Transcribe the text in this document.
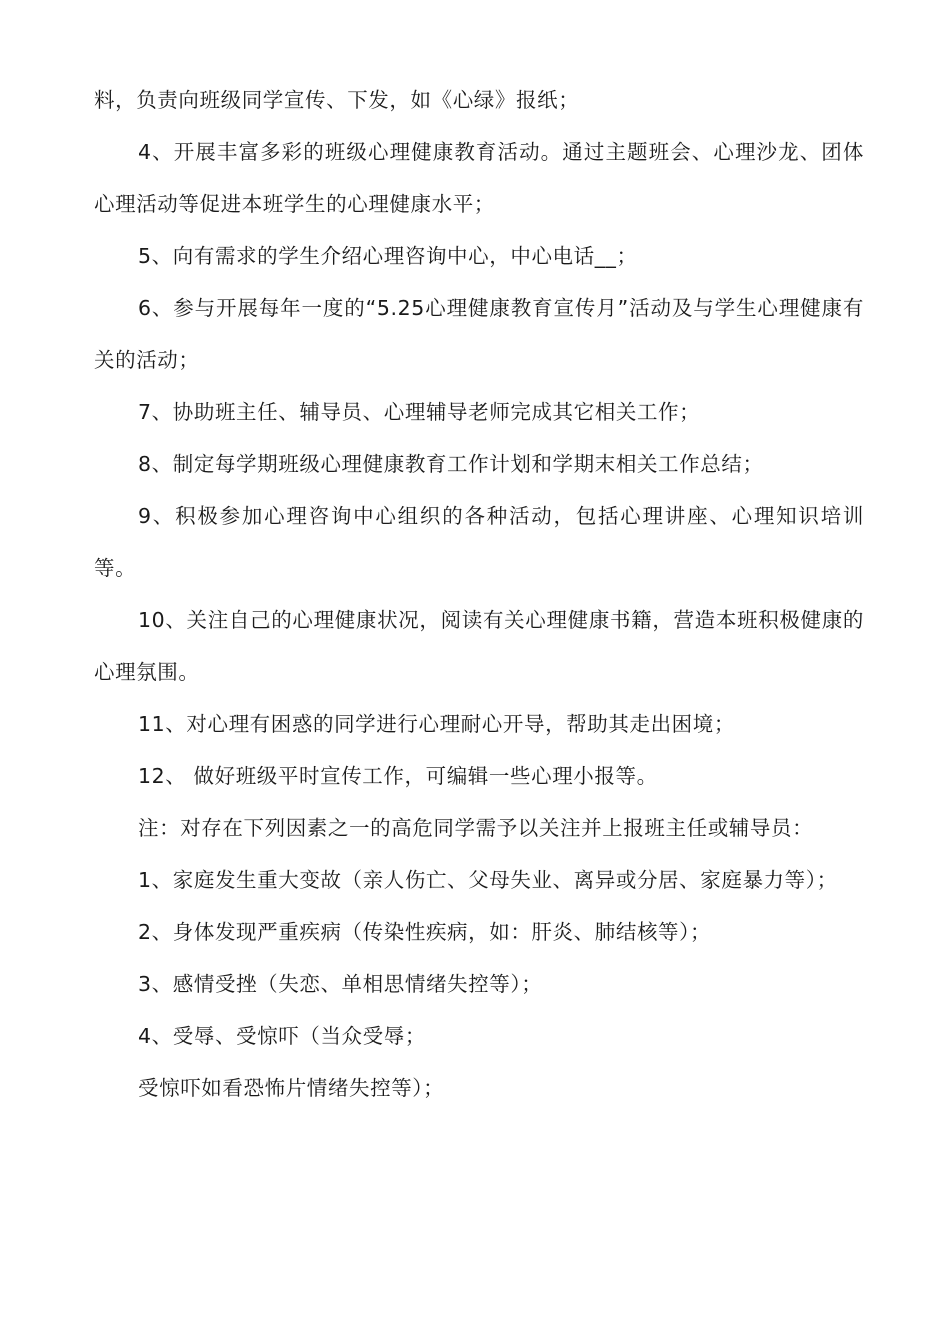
料，负责向班级同学宣传、下发，如《心绿》报纸；

4、开展丰富多彩的班级心理健康教育活动。通过主题班会、心理沙龙、团体心理活动等促进本班学生的心理健康水平；

5、向有需求的学生介绍心理咨询中心，中心电话__；

6、参与开展每年一度的“5.25心理健康教育宣传月”活动及与学生心理健康有关的活动；

7、协助班主任、辅导员、心理辅导老师完成其它相关工作；

8、制定每学期班级心理健康教育工作计划和学期末相关工作总结；

9、积极参加心理咨询中心组织的各种活动，包括心理讲座、心理知识培训等。

10、关注自己的心理健康状况，阅读有关心理健康书籍，营造本班积极健康的心理氛围。

11、对心理有困惑的同学进行心理耐心开导，帮助其走出困境；

12、 做好班级平时宣传工作，可编辑一些心理小报等。

注：对存在下列因素之一的高危同学需予以关注并上报班主任或辅导员：

1、家庭发生重大变故（亲人伤亡、父母失业、离异或分居、家庭暴力等）；

2、身体发现严重疾病（传染性疾病，如：肝炎、肺结核等）；

3、感情受挫（失恋、单相思情绪失控等）；

4、受辱、受惊吓（当众受辱；

受惊吓如看恐怖片情绪失控等）；
